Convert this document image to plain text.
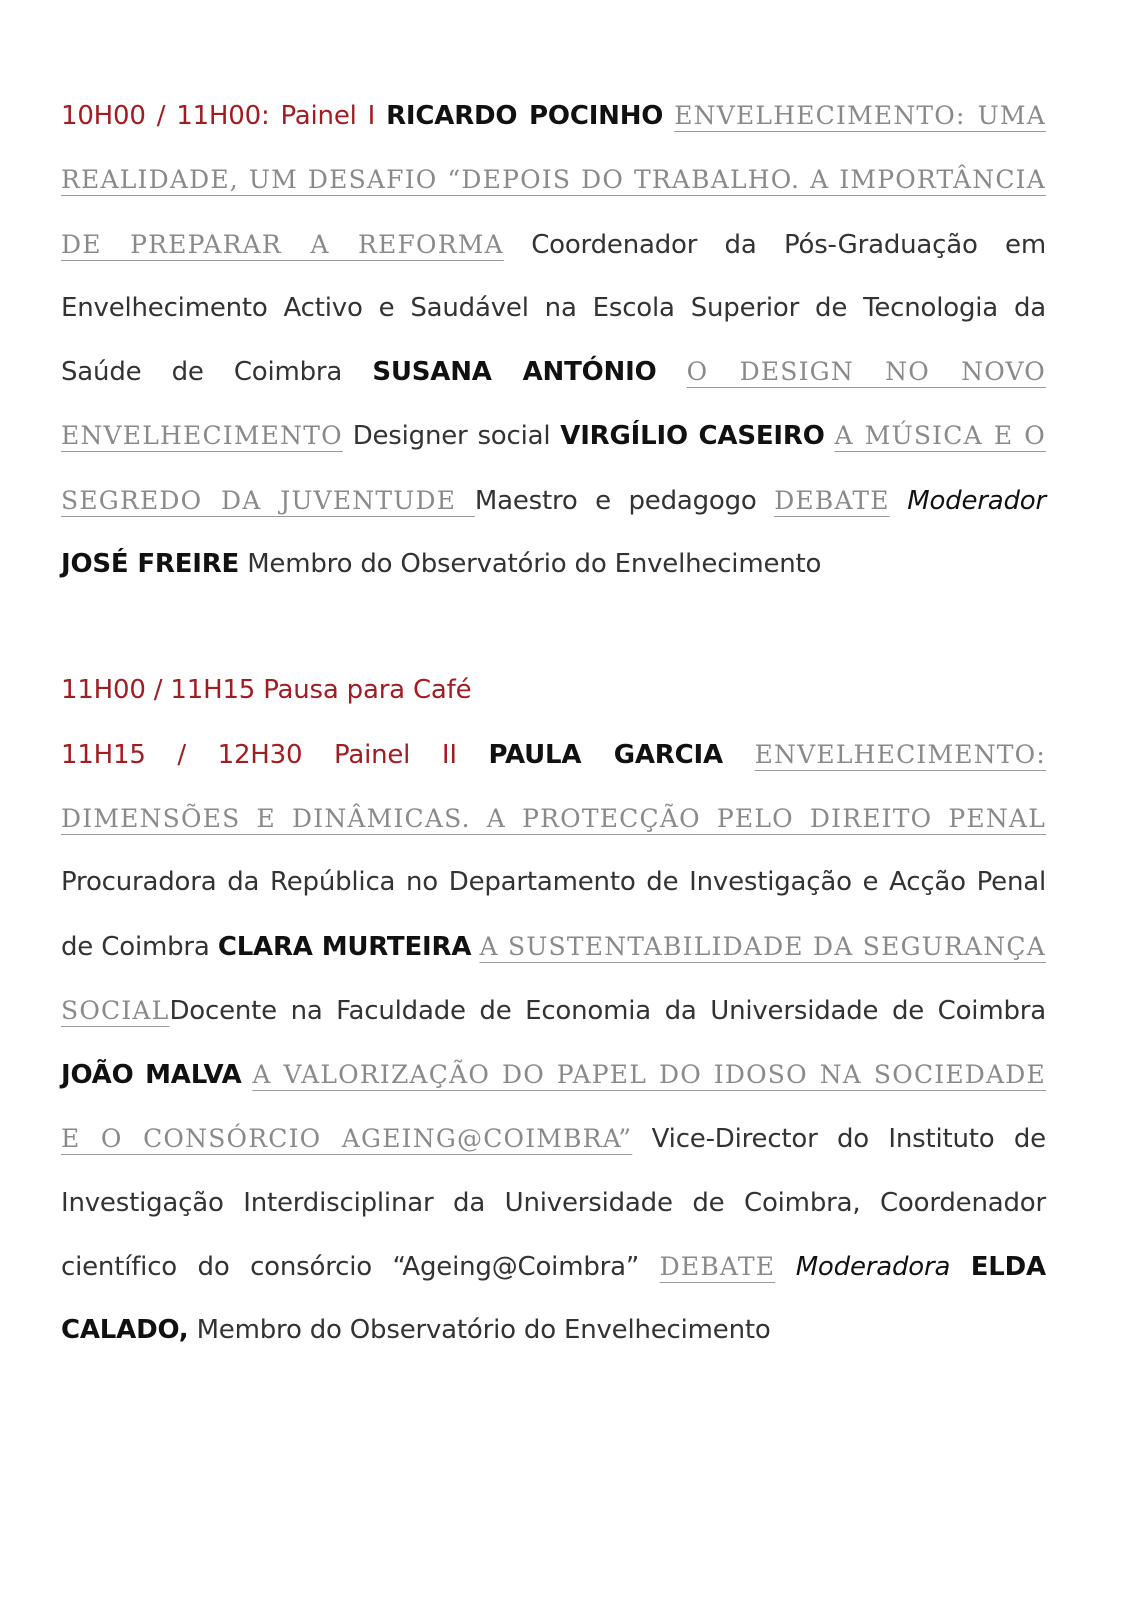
10H00 / 11H00: Painel I RICARDO POCINHO ENVELHECIMENTO: UMA REALIDADE, UM DESAFIO “DEPOIS DO TRABALHO. A IMPORTÂNCIA DE PREPARAR A REFORMA Coordenador da Pós-Graduação em Envelhecimento Activo e Saudável na Escola Superior de Tecnologia da Saúde de Coimbra SUSANA ANTÓNIO O DESIGN NO NOVO ENVELHECIMENTO Designer social VIRGÍLIO CASEIRO A MÚSICA E O SEGREDO DA JUVENTUDE Maestro e pedagogo DEBATE Moderador JOSÉ FREIRE Membro do Observatório do Envelhecimento

11H00 / 11H15 Pausa para Café

11H15 / 12H30 Painel II PAULA GARCIA ENVELHECIMENTO: DIMENSÕES E DINÂMICAS. A PROTECÇÃO PELO DIREITO PENAL Procuradora da República no Departamento de Investigação e Acção Penal de Coimbra CLARA MURTEIRA A SUSTENTABILIDADE DA SEGURANÇA SOCIALDocente na Faculdade de Economia da Universidade de Coimbra JOÃO MALVA A VALORIZAÇÃO DO PAPEL DO IDOSO NA SOCIEDADE E O CONSÓRCIO AGEING@COIMBRA” Vice-Director do Instituto de Investigação Interdisciplinar da Universidade de Coimbra, Coordenador científico do consórcio “Ageing@Coimbra” DEBATE Moderadora ELDA CALADO, Membro do Observatório do Envelhecimento
